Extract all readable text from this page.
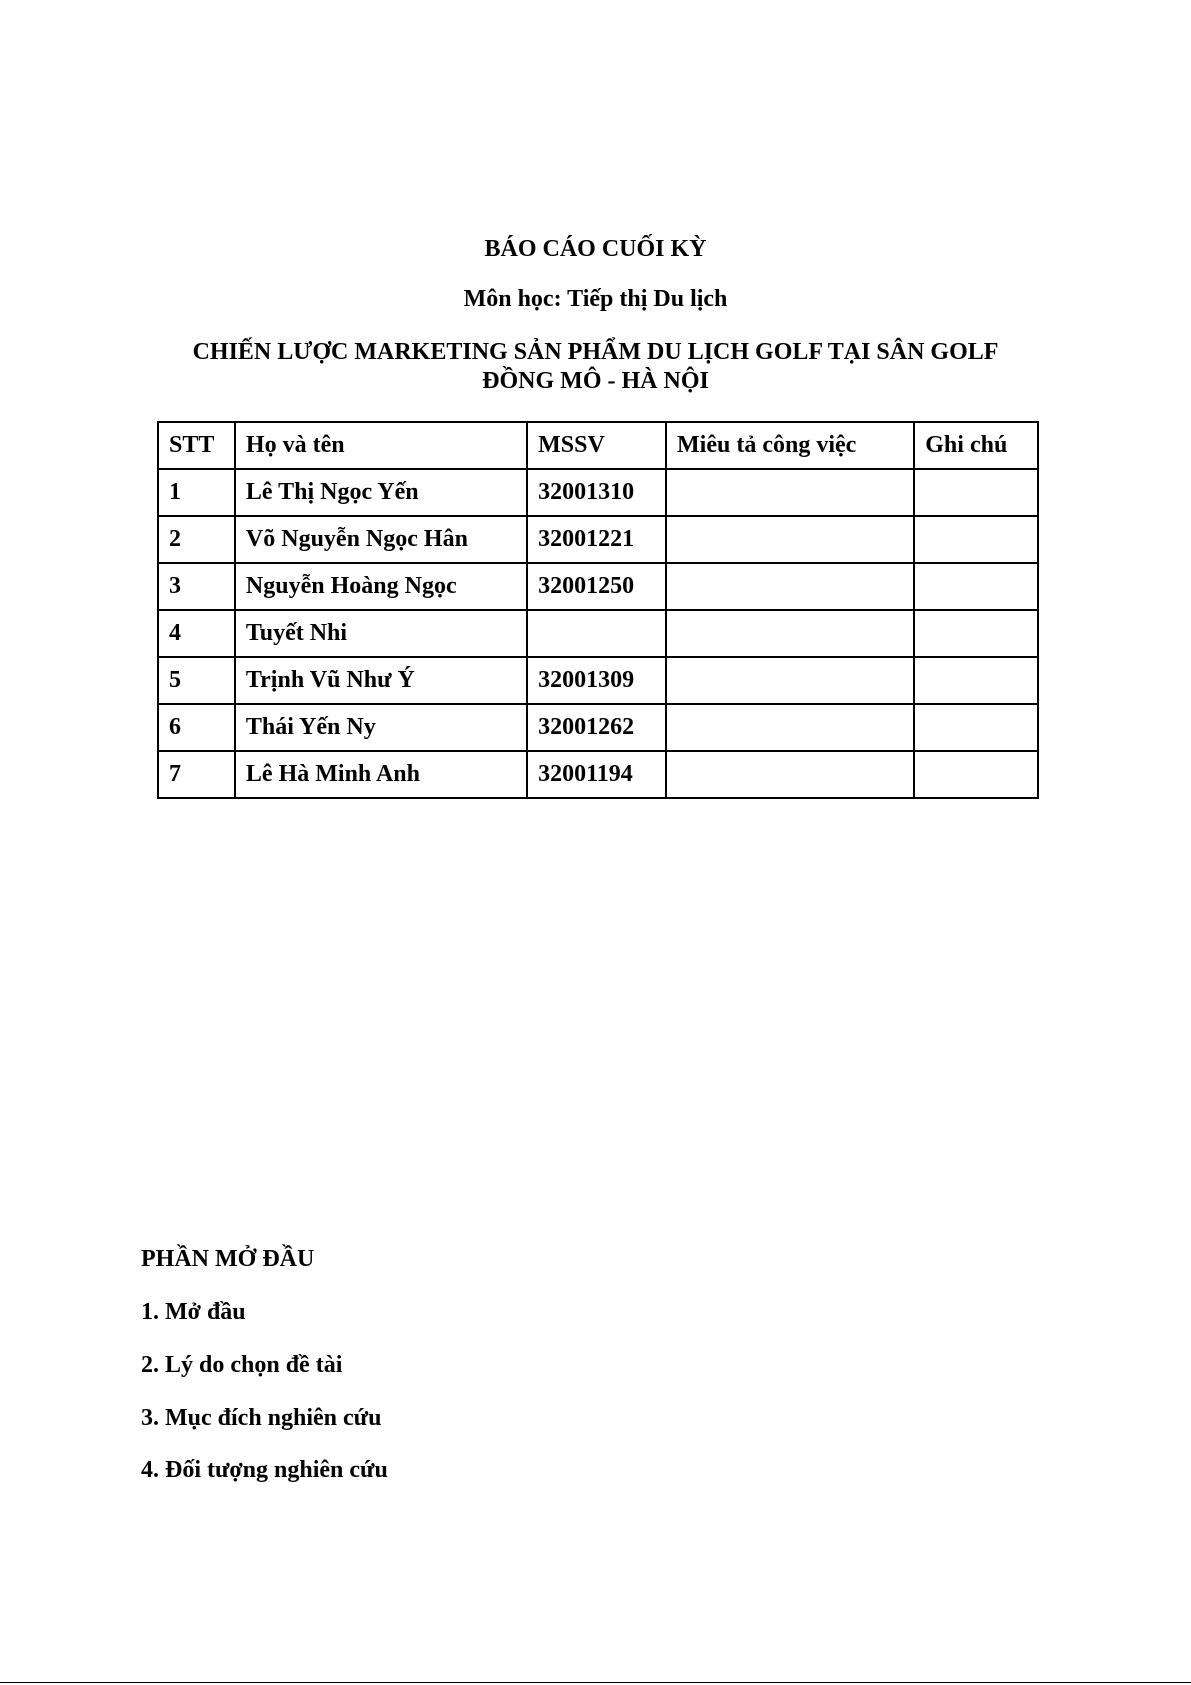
BÁO CÁO CUỐI KỲ
Môn học: Tiếp thị Du lịch
CHIẾN LƯỢC MARKETING SẢN PHẨM DU LỊCH GOLF TẠI SÂN GOLF
ĐỒNG MÔ - HÀ NỘI
STT	Họ và tên	MSSV	Miêu tả công việc	Ghi chú
1	Lê Thị Ngọc Yến	32001310		
2	Võ Nguyễn Ngọc Hân	32001221		
3	Nguyễn Hoàng Ngọc	32001250		
4	Tuyết Nhi			
5	Trịnh Vũ Như Ý	32001309		
6	Thái Yến Ny	32001262		
7	Lê Hà Minh Anh	32001194		
PHẦN MỞ ĐẦU
1. Mở đầu
2. Lý do chọn đề tài
3. Mục đích nghiên cứu
4. Đối tượng nghiên cứu
